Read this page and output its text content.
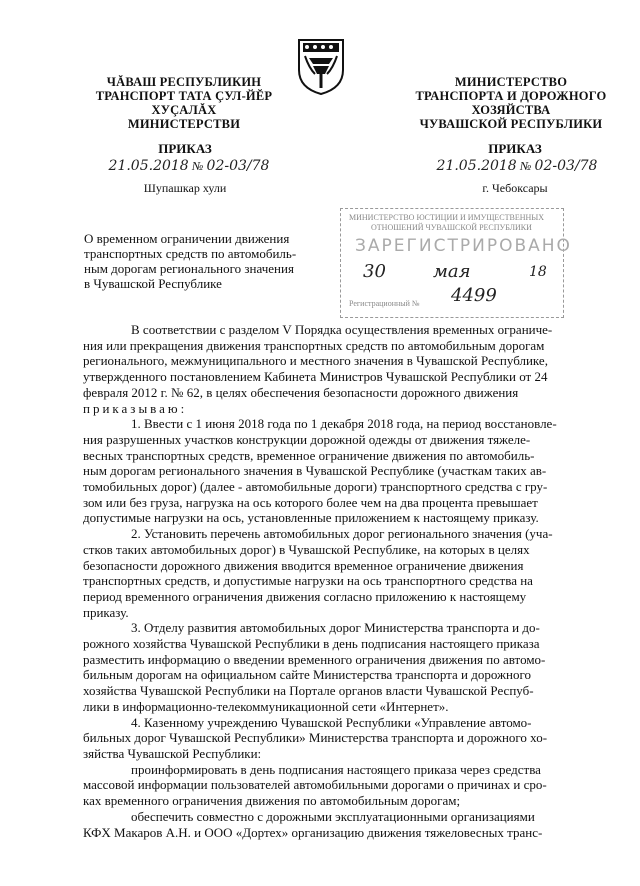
ЧĂВАШ РЕСПУБЛИКИН
ТРАНСПОРТ ТАТА ÇУЛ-ЙĔР
ХУÇАЛĂХ
МИНИСТЕРСТВИ
МИНИСТЕРСТВО
ТРАНСПОРТА И ДОРОЖНОГО
ХОЗЯЙСТВА
ЧУВАШСКОЙ РЕСПУБЛИКИ
ПРИКАЗ
21.05.2018 № 02-03/78
Шупашкар хули
ПРИКАЗ
21.05.2018 № 02-03/78
г. Чебоксары
О временном ограничении движения
транспортных средств по автомобиль-
ным дорогам регионального значения
в Чувашской Республике
МИНИСТЕРСТВО ЮСТИЦИИ И ИМУЩЕСТВЕННЫХ
ОТНОШЕНИЙ ЧУВАШСКОЙ РЕСПУБЛИКИ
ЗАРЕГИСТРИРОВАНО
30	мая	18
Регистрационный № 4499
В соответствии с разделом V Порядка осуществления временных ограниче-
ния или прекращения движения транспортных средств по автомобильным дорогам
регионального, межмуниципального и местного значения в Чувашской Республике,
утвержденного постановлением Кабинета Министров Чувашской Республики от 24
февраля 2012 г. № 62, в целях обеспечения безопасности дорожного движения
приказываю:
1. Ввести с 1 июня 2018 года по 1 декабря 2018 года, на период восстановле-
ния разрушенных участков конструкции дорожной одежды от движения тяжеле-
весных транспортных средств, временное ограничение движения по автомобиль-
ным дорогам регионального значения в Чувашской Республике (участкам таких ав-
томобильных дорог) (далее - автомобильные дороги) транспортного средства с гру-
зом или без груза, нагрузка на ось которого более чем на два процента превышает
допустимые нагрузки на ось, установленные приложением к настоящему приказу.
2. Установить перечень автомобильных дорог регионального значения (уча-
стков таких автомобильных дорог) в Чувашской Республике, на которых в целях
безопасности дорожного движения вводится временное ограничение движения
транспортных средств, и допустимые нагрузки на ось транспортного средства на
период временного ограничения движения согласно приложению к настоящему
приказу.
3. Отделу развития автомобильных дорог Министерства транспорта и до-
рожного хозяйства Чувашской Республики в день подписания настоящего приказа
разместить информацию о введении временного ограничения движения по автомо-
бильным дорогам на официальном сайте Министерства транспорта и дорожного
хозяйства Чувашской Республики на Портале органов власти Чувашской Респуб-
лики в информационно-телекоммуникационной сети «Интернет».
4. Казенному учреждению Чувашской Республики «Управление автомо-
бильных дорог Чувашской Республики» Министерства транспорта и дорожного хо-
зяйства Чувашской Республики:
проинформировать в день подписания настоящего приказа через средства
массовой информации пользователей автомобильными дорогами о причинах и сро-
ках временного ограничения движения по автомобильным дорогам;
обеспечить совместно с дорожными эксплуатационными организациями
КФХ Макаров А.Н. и ООО «Дортех» организацию движения тяжеловесных транс-
